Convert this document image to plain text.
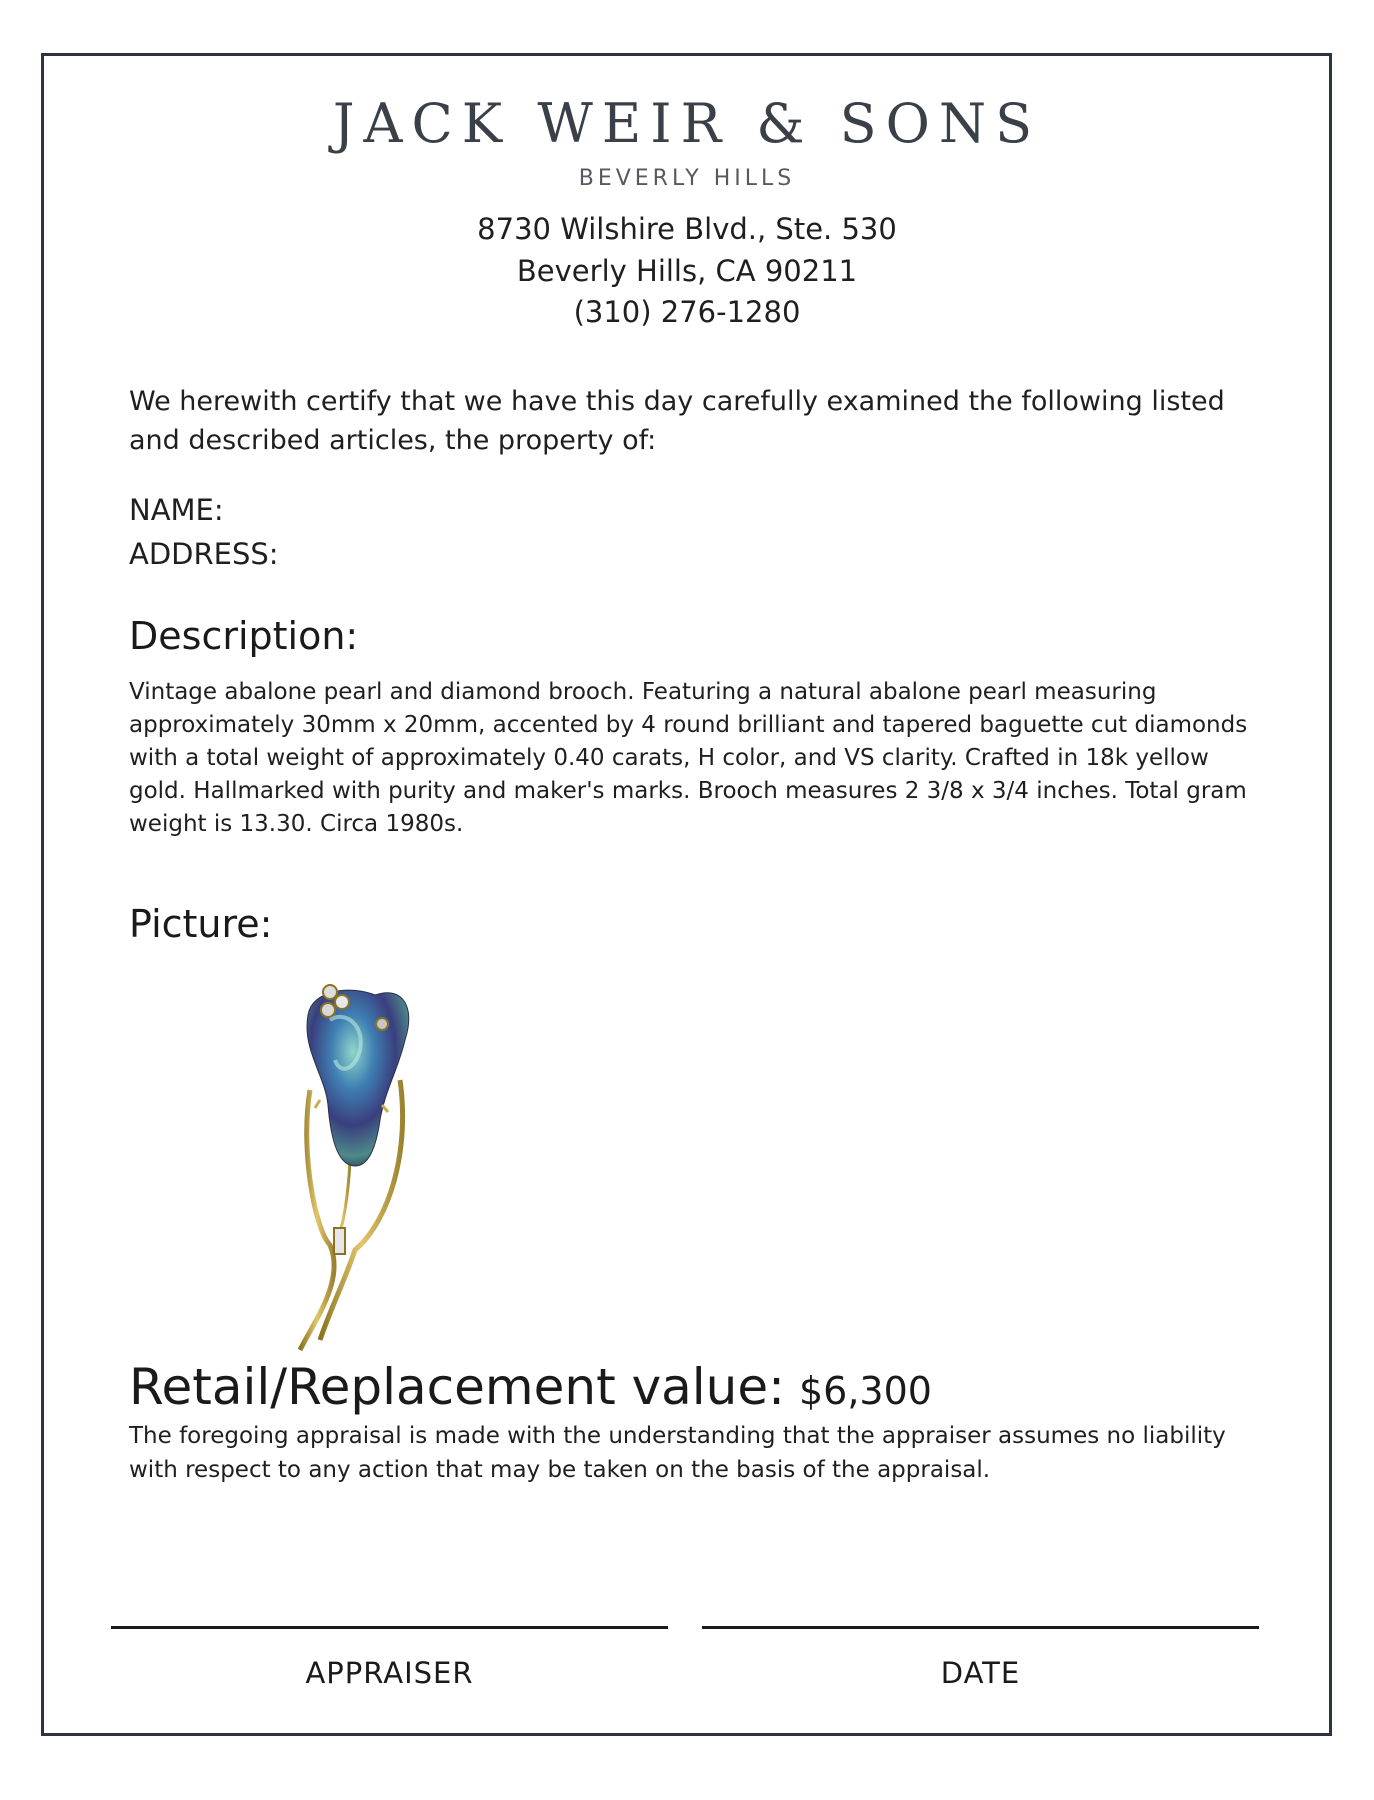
JACK WEIR & SONS
BEVERLY HILLS
8730 Wilshire Blvd., Ste. 530
Beverly Hills, CA 90211
(310) 276-1280
We herewith certify that we have this day carefully examined the following listed and described articles, the property of:
NAME:
ADDRESS:
Description:
Vintage abalone pearl and diamond brooch. Featuring a natural abalone pearl measuring approximately 30mm x 20mm, accented by 4 round brilliant and tapered baguette cut diamonds with a total weight of approximately 0.40 carats, H color, and VS clarity. Crafted in 18k yellow gold. Hallmarked with purity and maker's marks. Brooch measures 2 3/8 x 3/4 inches. Total gram weight is 13.30. Circa 1980s.
Picture:
Retail/Replacement value: $6,300
The foregoing appraisal is made with the understanding that the appraiser assumes no liability with respect to any action that may be taken on the basis of the appraisal.
APPRAISER	DATE
